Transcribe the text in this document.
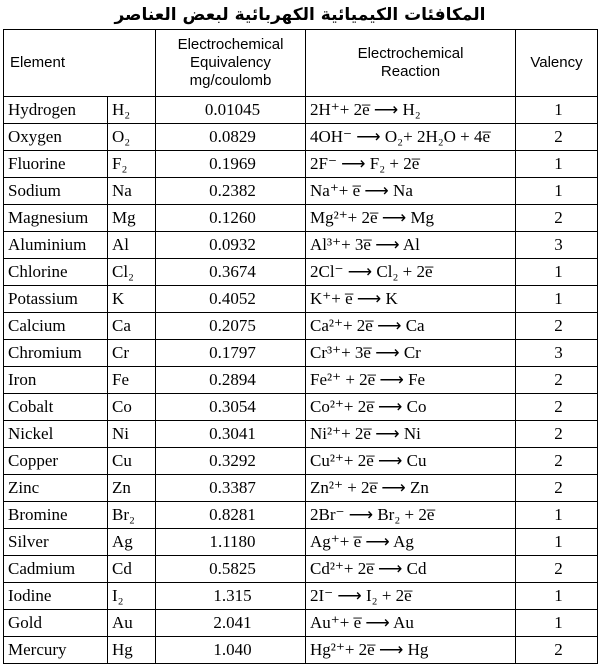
المكافئات الكيميائية الكهربائية لبعض العناصر
Element		Electrochemical Equivalency mg/coulomb	Electrochemical Reaction	Valency
Hydrogen	H₂	0.01045	2H⁺+ 2e̅ ⟶ H₂	1
Oxygen	O₂	0.0829	4OH⁻ ⟶ O₂+ 2H₂O + 4e̅	2
Fluorine	F₂	0.1969	2F⁻ ⟶ F₂ + 2e̅	1
Sodium	Na	0.2382	Na⁺+ e̅ ⟶ Na	1
Magnesium	Mg	0.1260	Mg²⁺+ 2e̅ ⟶ Mg	2
Aluminium	Al	0.0932	Al³⁺+ 3e̅ ⟶ Al	3
Chlorine	Cl₂	0.3674	2Cl⁻ ⟶ Cl₂ + 2e̅	1
Potassium	K	0.4052	K⁺+ e̅ ⟶ K	1
Calcium	Ca	0.2075	Ca²⁺+ 2e̅ ⟶ Ca	2
Chromium	Cr	0.1797	Cr³⁺+ 3e̅ ⟶ Cr	3
Iron	Fe	0.2894	Fe²⁺ + 2e̅ ⟶ Fe	2
Cobalt	Co	0.3054	Co²⁺+ 2e̅ ⟶ Co	2
Nickel	Ni	0.3041	Ni²⁺+ 2e̅ ⟶ Ni	2
Copper	Cu	0.3292	Cu²⁺+ 2e̅ ⟶ Cu	2
Zinc	Zn	0.3387	Zn²⁺ + 2e̅ ⟶ Zn	2
Bromine	Br₂	0.8281	2Br⁻ ⟶ Br₂ + 2e̅	1
Silver	Ag	1.1180	Ag⁺+ e̅ ⟶ Ag	1
Cadmium	Cd	0.5825	Cd²⁺+ 2e̅ ⟶ Cd	2
Iodine	I₂	1.315	2I⁻ ⟶ I₂ + 2e̅	1
Gold	Au	2.041	Au⁺+ e̅ ⟶ Au	1
Mercury	Hg	1.040	Hg²⁺+ 2e̅ ⟶ Hg	2
